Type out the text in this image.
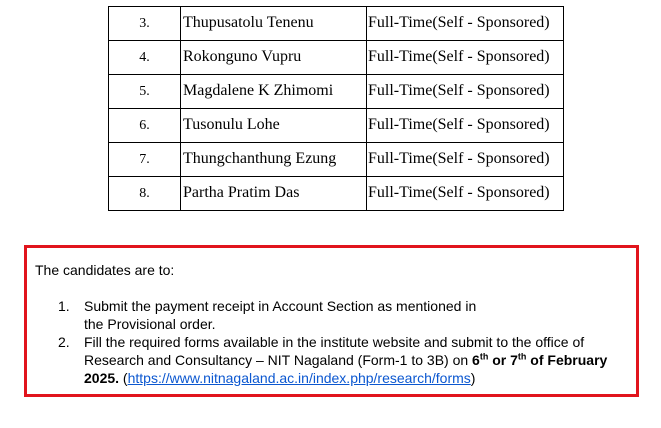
3.	Thupusatolu Tenenu	Full-Time(Self - Sponsored)
4.	Rokonguno Vupru	Full-Time(Self - Sponsored)
5.	Magdalene K Zhimomi	Full-Time(Self - Sponsored)
6.	Tusonulu Lohe	Full-Time(Self - Sponsored)
7.	Thungchanthung Ezung	Full-Time(Self - Sponsored)
8.	Partha Pratim Das	Full-Time(Self - Sponsored)

The candidates are to:

1. Submit the payment receipt in Account Section as mentioned in
the Provisional order.
2. Fill the required forms available in the institute website and submit to the office of
Research and Consultancy – NIT Nagaland (Form-1 to 3B) on 6th or 7th of February
2025. (https://www.nitnagaland.ac.in/index.php/research/forms)
